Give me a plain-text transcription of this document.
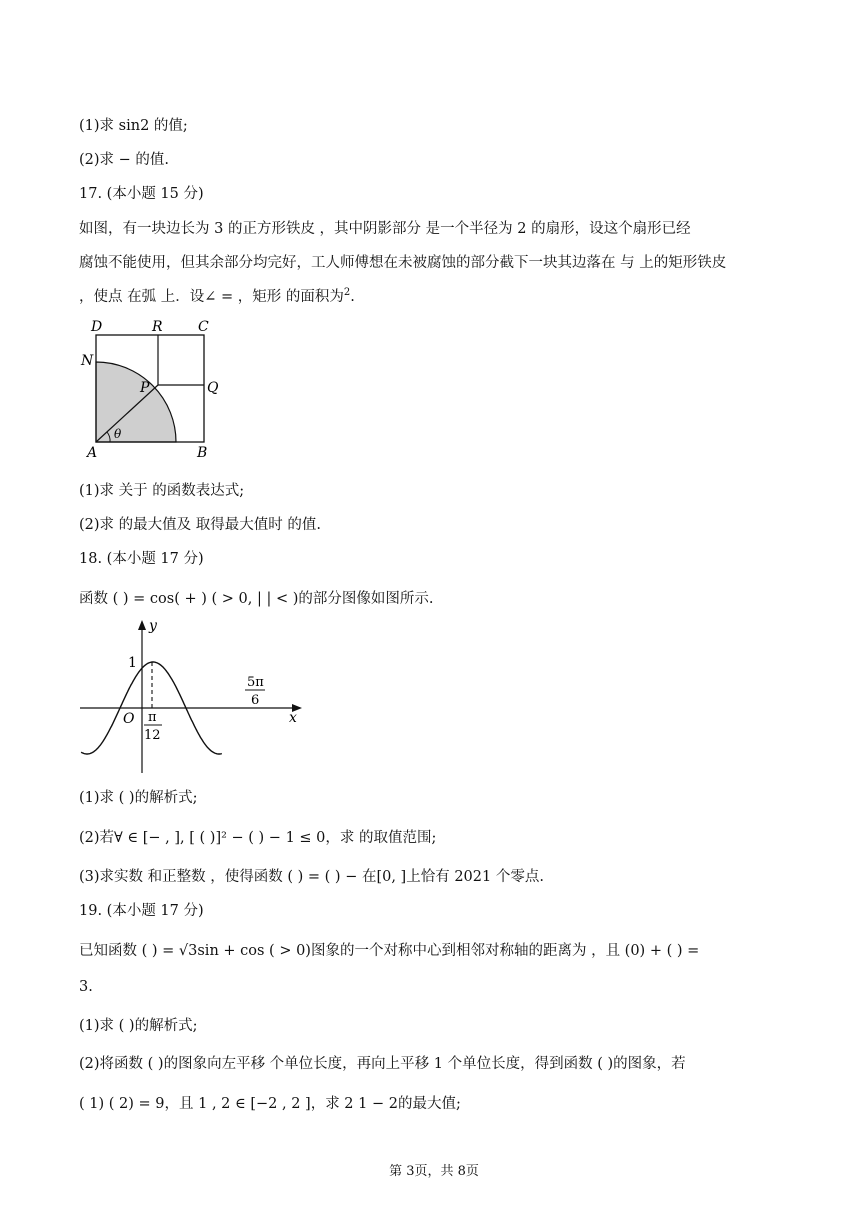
(1)求 sin2 的值;
(2)求 − 的值.
17. (本小题 15 分)
如图，有一块边长为 3 的正方形铁皮 ，其中阴影部分 是一个半径为 2 的扇形，设这个扇形已经
腐蚀不能使用，但其余部分均完好，工人师傅想在未被腐蚀的部分截下一块其边落在 与 上的矩形铁皮
，使点 在弧 上．设∠ = ，矩形 的面积为$^2$.
D	R	C
N
P	Q
θ
A	B
(1)求 关于 的函数表达式;
(2)求 的最大值及 取得最大值时 的值.
18. (本小题 17 分)
函数 ( ) = cos( + ) ( > 0, | | < )的部分图像如图所示.
y
x
1
O π
12
5π
6
(1)求 ( )的解析式;
(2)若∀ ∈ [− , ], [ ( )]² − ( ) − 1 ≤ 0，求 的取值范围;
(3)求实数 和正整数 ，使得函数 ( ) = ( ) − 在[0, ]上恰有 2021 个零点.
19. (本小题 17 分)
已知函数 ( ) = √3sin + cos ( > 0)图象的一个对称中心到相邻对称轴的距离为 ，且 (0) + ( ) =
3.
(1)求 ( )的解析式;
(2)将函数 ( )的图象向左平移 个单位长度，再向上平移 1 个单位长度，得到函数 ( )的图象，若
( 1) ( 2) = 9，且 1 , 2 ∈ [−2 , 2 ]，求 2 1 − 2的最大值;
第 3页，共 8页
